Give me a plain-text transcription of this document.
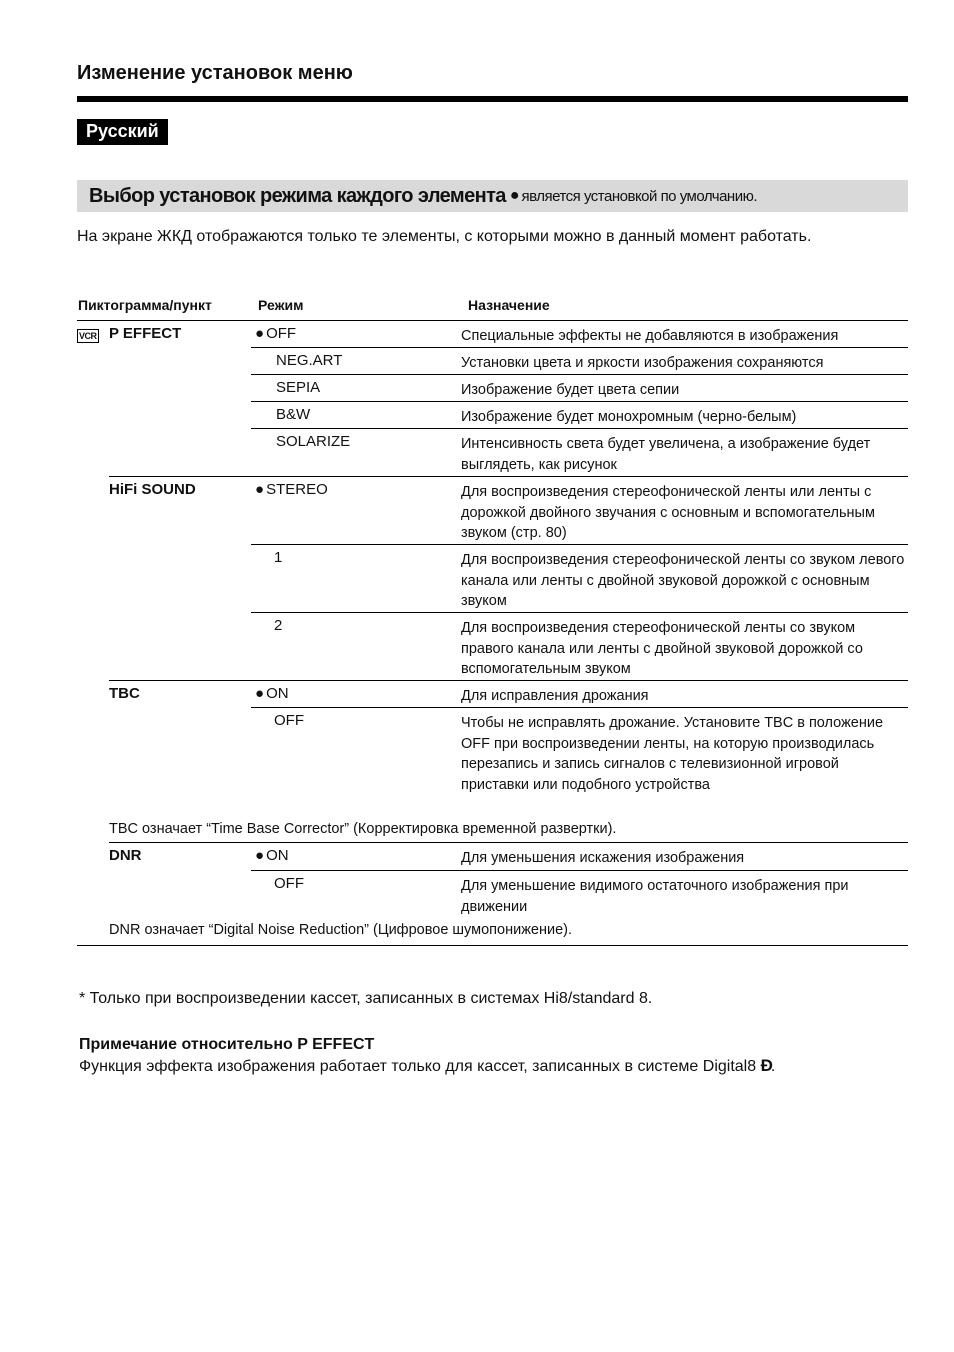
Изменение установок меню
Русский
Выбор установок режима каждого элемента ● является установкой по умолчанию.
На экране ЖКД отображаются только те элементы, с которыми можно в данный момент работать.
Пиктограмма/пункт	Режим	Назначение
VCR P EFFECT	● OFF	Специальные эффекты не добавляются в изображения
NEG.ART	Установки цвета и яркости изображения сохраняются
SEPIA	Изображение будет цвета сепии
B&W	Изображение будет монохромным (черно-белым)
SOLARIZE	Интенсивность света будет увеличена, а изображение будет выглядеть, как рисунок
HiFi SOUND	● STEREO	Для воспроизведения стереофонической ленты или ленты с дорожкой двойного звучания с основным и вспомогательным звуком (стр. 80)
1	Для воспроизведения стереофонической ленты со звуком левого канала или ленты с двойной звуковой дорожкой с основным звуком
2	Для воспроизведения стереофонической ленты со звуком правого канала или ленты с двойной звуковой дорожкой со вспомогательным звуком
TBC	● ON	Для исправления дрожания
OFF	Чтобы не исправлять дрожание. Установите TBC в положение OFF при воспроизведении ленты, на которую производилась перезапись и запись сигналов с телевизионной игровой приставки или подобного устройства
TBC означает “Time Base Corrector” (Корректировка временной развертки).
DNR	● ON	Для уменьшения искажения изображения
OFF	Для уменьшение видимого остаточного изображения при движении
DNR означает “Digital Noise Reduction” (Цифровое шумопонижение).
* Только при воспроизведении кассет, записанных в системах Hi8/standard 8.
Примечание относительно P EFFECT
Функция эффекта изображения работает только для кассет, записанных в системе Digital8 Ð.
